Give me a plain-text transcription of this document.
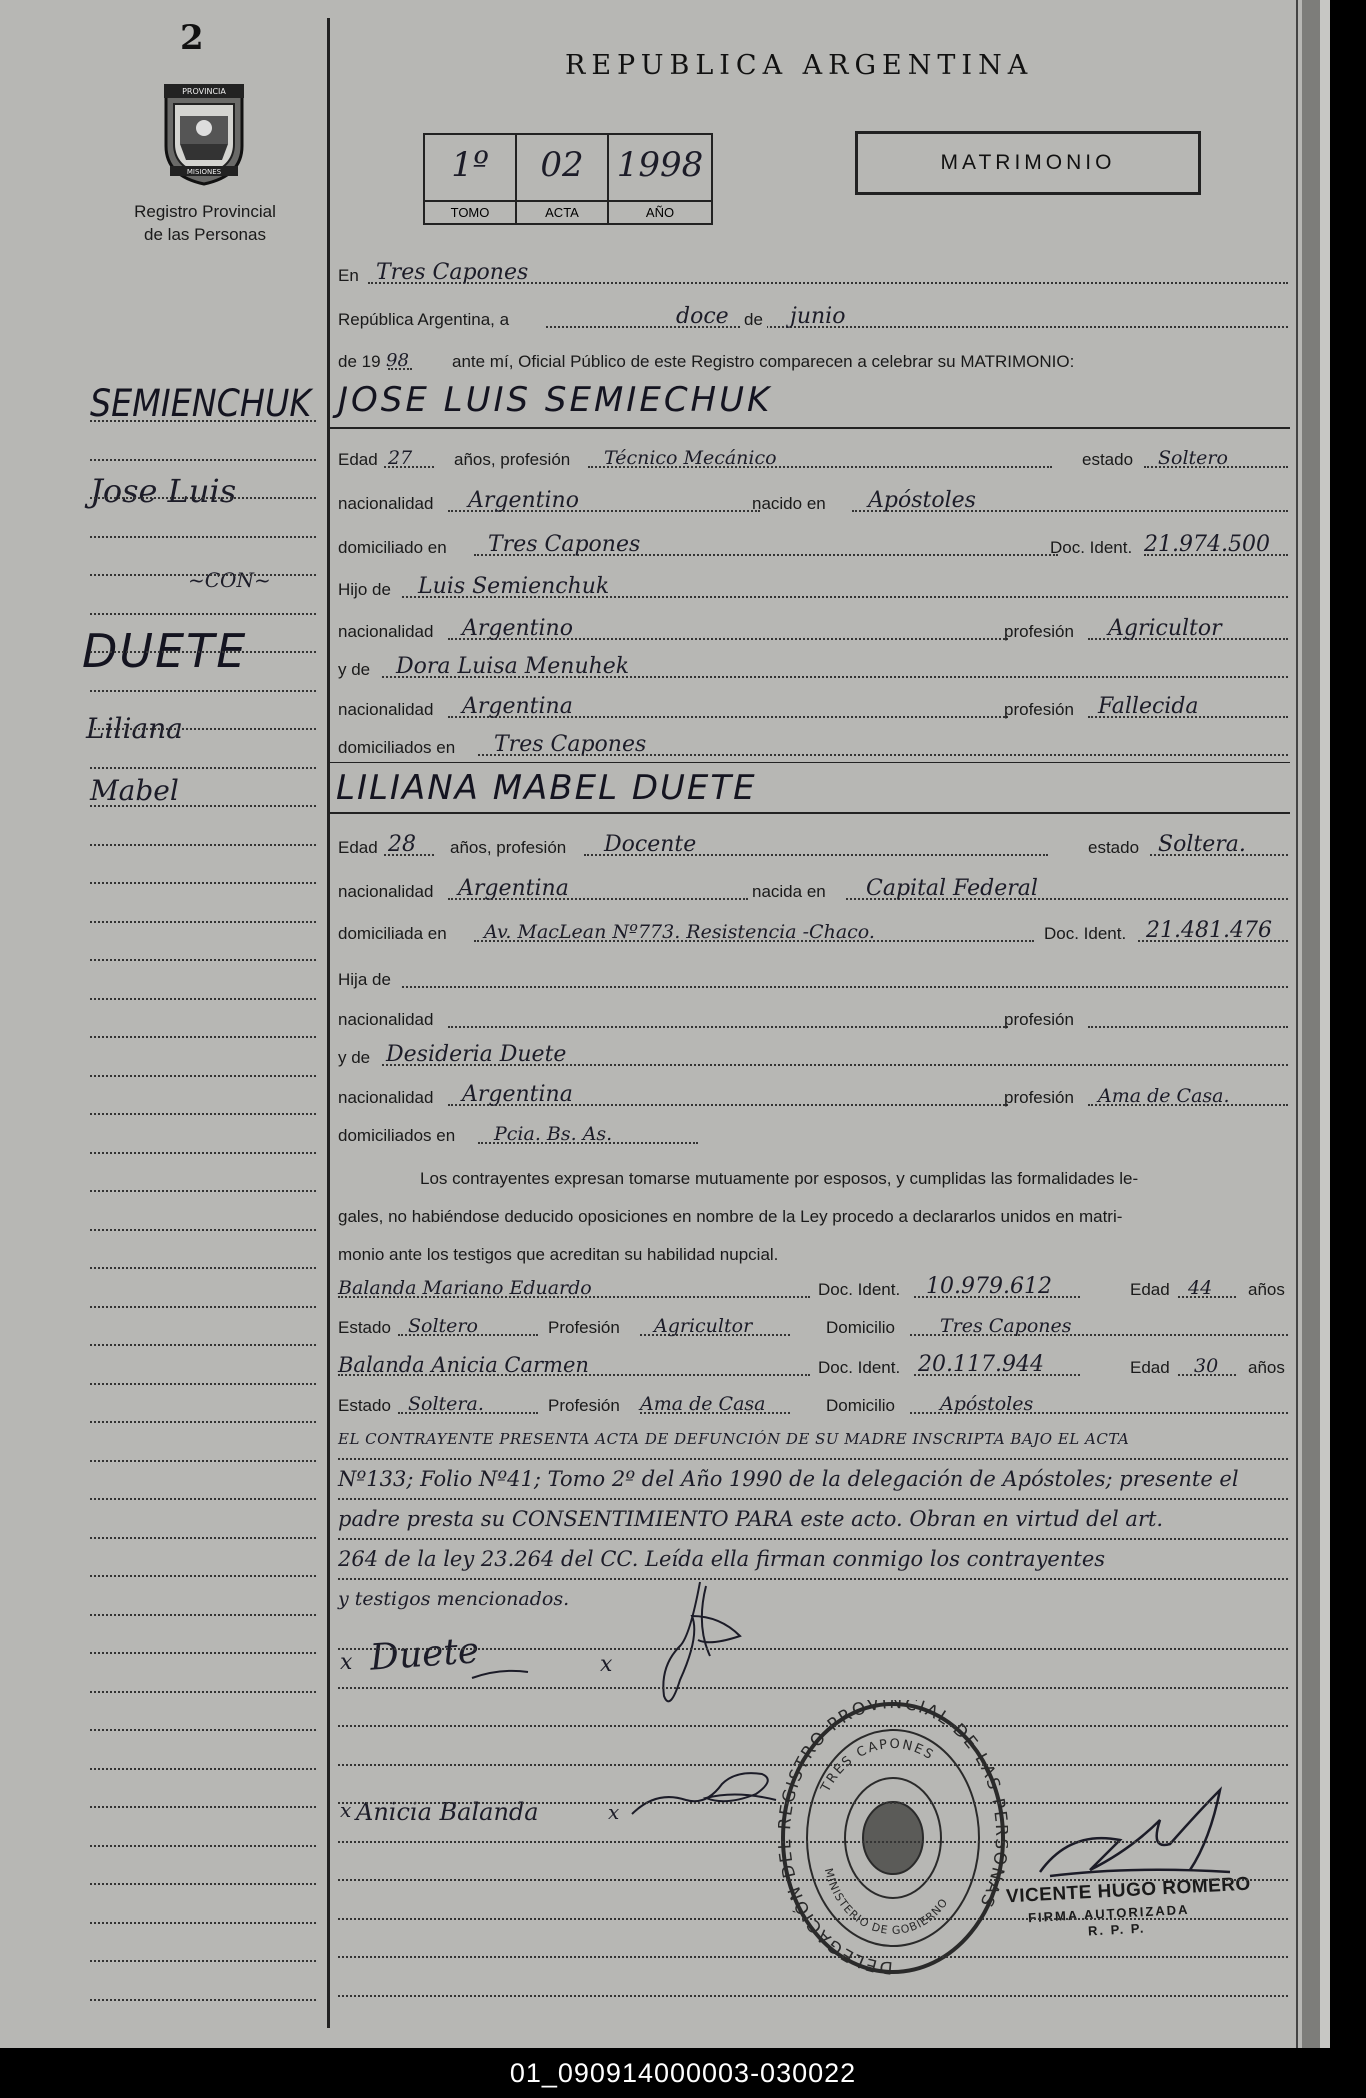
2
PROVINCIA
MISIONES
Registro Provincial
de las Personas
REPUBLICA ARGENTINA
1º
TOMO
02
ACTA
1998
AÑO
MATRIMONIO
SEMIENCHUK
Jose Luis
~CON~
DUETE
Liliana
Mabel
En Tres Capones
República Argentina, a	doce de junio
de 19 98	ante mí, Oficial Público de este Registro comparecen a celebrar su MATRIMONIO:
JOSE LUIS SEMIECHUK
Edad 27 años, profesión Técnico Mecánico	estado Soltero
nacionalidad Argentino	nacido en Apóstoles
domiciliado en Tres Capones	Doc. Ident. 21.974.500
Hijo de Luis Semienchuk
nacionalidad Argentino	profesión Agricultor
y de Dora Luisa Menuhek
nacionalidad Argentina	profesión Fallecida
domiciliados en Tres Capones
LILIANA MABEL DUETE
Edad 28 años, profesión Docente	estado Soltera.
nacionalidad Argentina	nacida en Capital Federal
domiciliada en Av. MacLean Nº773. Resistencia -Chaco.	Doc. Ident. 21.481.476
Hija de
nacionalidad	profesión
y de Desideria Duete
nacionalidad Argentina	profesión Ama de Casa.
domiciliados en Pcia. Bs. As.
Los contrayentes expresan tomarse mutuamente por esposos, y cumplidas las formalidades le-
gales, no habiéndose deducido oposiciones en nombre de la Ley procedo a declararlos unidos en matri-
monio ante los testigos que acreditan su habilidad nupcial.
Balanda Mariano Eduardo	Doc. Ident. 10.979.612	Edad 44 años
Estado Soltero	Profesión Agricultor	Domicilio Tres Capones
Balanda Anicia Carmen	Doc. Ident. 20.117.944	Edad 30 años
Estado Soltera.	Profesión Ama de Casa	Domicilio Apóstoles
EL CONTRAYENTE PRESENTA ACTA DE DEFUNCIÓN DE SU MADRE INSCRIPTA BAJO EL ACTA
Nº133; Folio Nº41; Tomo 2º del Año 1990 de la delegación de Apóstoles; presente el
padre presta su CONSENTIMIENTO PARA este acto. Obran en virtud del art.
264 de la ley 23.264 del CC. Leída ella firman conmigo los contrayentes
y testigos mencionados.
x Duete	x
x Anicia Balanda	x
DELEGACIÓN D EGISTRO PROVINCIAL DE LAS P NAS
TRES CAPONES
MINISTERIO DE GOBIERNO	VICENTE HUGO ROMERO
FIRMA AUTORIZADA
R. P. P.
01_090914000003-030022
